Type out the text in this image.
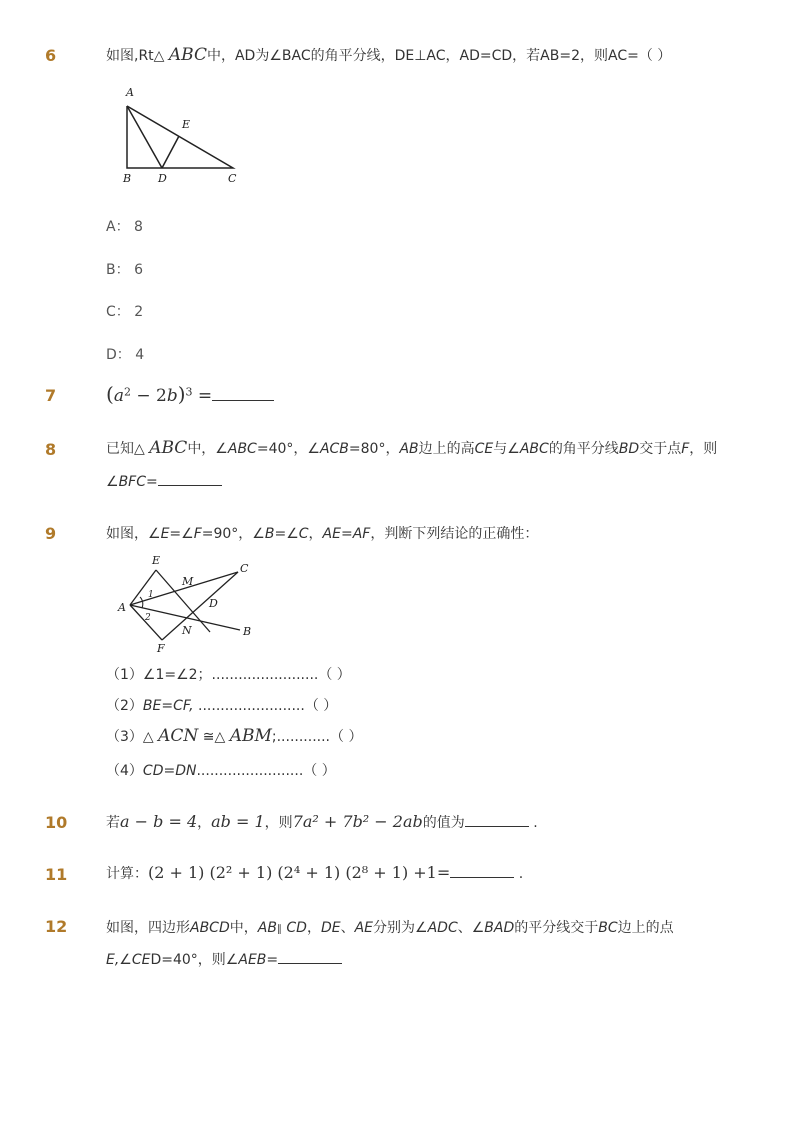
6	如图,Rt△ ABC中，AD为∠BAC的角平分线，DE⊥AC，AD=CD，若AB=2，则AC=（ ）
A
E
B D	C
A： 8
B： 6
C： 2
D： 4
7 $(a^2 - 2b)^3$ =
8	已知△ ABC中，∠ABC=40°，∠ACB=80°，AB边上的高CE与∠ABC的角平分线BD交于点F，则
∠BFC=
9	如图，∠E=∠F=90°，∠B=∠C，AE=AF，判断下列结论的正确性：
E
C
M
1
A	D
2
N	B
F
（1）∠1=∠2；........................（ ）
（2）BE=CF, ........................（ ）
（3）△ ACN ≅△ ABM;............（ ）
（4）CD=DN........................（ ）
10	若a − b = 4，ab = 1，则7a² + 7b² − 2ab的值为	.
11	计算：(2 + 1) (2² + 1) (2⁴ + 1) (2⁸ + 1) +1=	.
12	如图，四边形ABCD中，AB∥ CD，DE、AE分别为∠ADC、∠BAD的平分线交于BC边上的点
E,∠CED=40°，则∠AEB=
